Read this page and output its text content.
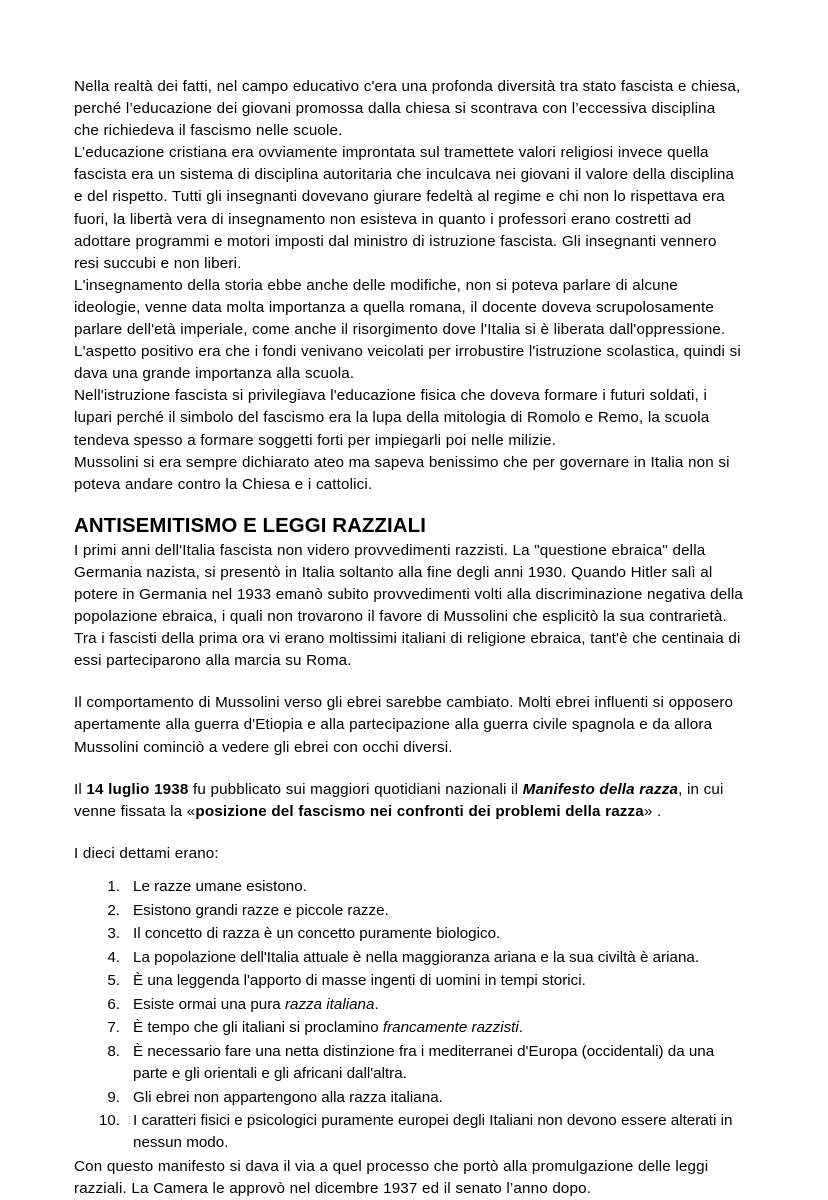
Nella realtà dei fatti, nel campo educativo c'era una profonda diversità tra stato fascista e chiesa, perché l’educazione dei giovani promossa dalla chiesa si scontrava con l’eccessiva disciplina che richiedeva il fascismo nelle scuole.

L’educazione cristiana era ovviamente improntata sul tramettete valori religiosi invece quella fascista era un sistema di disciplina autoritaria che inculcava nei giovani il valore della disciplina e del rispetto. Tutti gli insegnanti dovevano giurare fedeltà al regime e chi non lo rispettava era fuori, la libertà vera di insegnamento non esisteva in quanto i professori erano costretti ad adottare programmi e motori imposti dal ministro di istruzione fascista. Gli insegnanti vennero resi succubi e non liberi.

L'insegnamento della storia ebbe anche delle modifiche, non si poteva parlare di alcune ideologie, venne data molta importanza a quella romana, il docente doveva scrupolosamente parlare dell'età imperiale, come anche il risorgimento dove l'Italia si è liberata dall'oppressione. L'aspetto positivo era che i fondi venivano veicolati per irrobustire l'istruzione scolastica, quindi si dava una grande importanza alla scuola.

Nell'istruzione fascista si privilegiava l'educazione fisica che doveva formare i futuri soldati, i lupari perché il simbolo del fascismo era la lupa della mitologia di Romolo e Remo, la scuola tendeva spesso a formare soggetti forti per impiegarli poi nelle milizie.

Mussolini si era sempre dichiarato ateo ma sapeva benissimo che per governare in Italia non si poteva andare contro la Chiesa e i cattolici.

ANTISEMITISMO E LEGGI RAZZIALI

I primi anni dell'Italia fascista non videro provvedimenti razzisti. La "questione ebraica" della Germania nazista, si presentò in Italia soltanto alla fine degli anni 1930. Quando Hitler salì al potere in Germania nel 1933 emanò subito provvedimenti volti alla discriminazione negativa della popolazione ebraica, i quali non trovarono il favore di Mussolini che esplicitò la sua contrarietà. Tra i fascisti della prima ora vi erano moltissimi italiani di religione ebraica, tant'è che centinaia di essi parteciparono alla marcia su Roma.

Il comportamento di Mussolini verso gli ebrei sarebbe cambiato. Molti ebrei influenti si opposero apertamente alla guerra d'Etiopia e alla partecipazione alla guerra civile spagnola e da allora Mussolini cominciò a vedere gli ebrei con occhi diversi.

Il 14 luglio 1938 fu pubblicato sui maggiori quotidiani nazionali il Manifesto della razza, in cui venne fissata la «posizione del fascismo nei confronti dei problemi della razza» .

I dieci dettami erano:

Le razze umane esistono.
Esistono grandi razze e piccole razze.
Il concetto di razza è un concetto puramente biologico.
La popolazione dell'Italia attuale è nella maggioranza ariana e la sua civiltà è ariana.
È una leggenda l'apporto di masse ingenti di uomini in tempi storici.
Esiste ormai una pura razza italiana.
È tempo che gli italiani si proclamino francamente razzisti.
È necessario fare una netta distinzione fra i mediterranei d'Europa (occidentali) da una parte e gli orientali e gli africani dall'altra.
Gli ebrei non appartengono alla razza italiana.
I caratteri fisici e psicologici puramente europei degli Italiani non devono essere alterati in nessun modo.

Con questo manifesto si dava il via a quel processo che portò alla promulgazione delle leggi razziali. La Camera le approvò nel dicembre 1937 ed il senato l’anno dopo.
